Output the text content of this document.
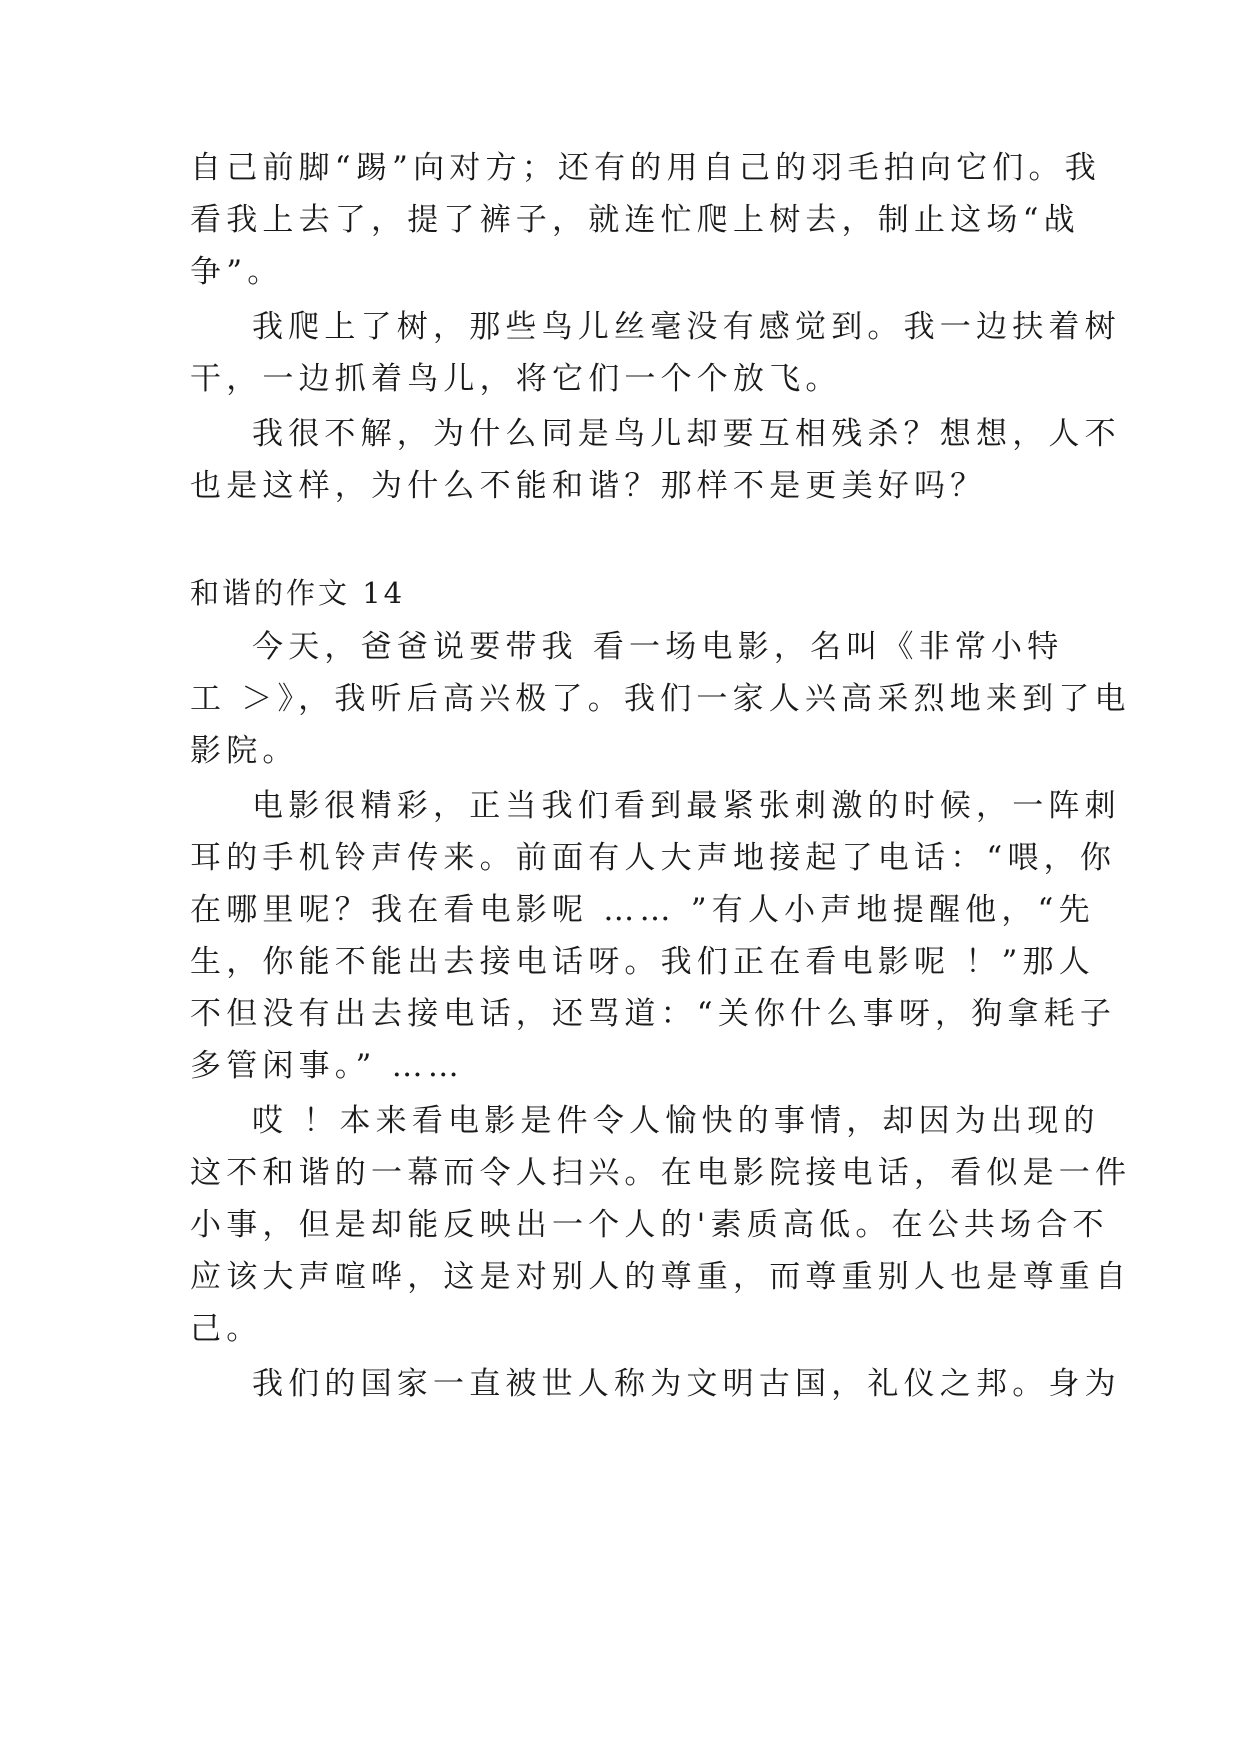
自己前脚“踢”向对方；还有的用自己的羽毛拍向它们。我
看我上去了，提了裤子，就连忙爬上树去，制止这场“战
争”。
我爬上了树，那些鸟儿丝毫没有感觉到。我一边扶着树
干，一边抓着鸟儿，将它们一个个放飞。
我很不解，为什么同是鸟儿却要互相残杀？想想，人不
也是这样，为什么不能和谐？那样不是更美好吗？
和谐的作文 14
今天，爸爸说要带我 看一场电影，名叫《非常小特
工 ＞》，我听后高兴极了。我们一家人兴高采烈地来到了电
影院。
电影很精彩，正当我们看到最紧张刺激的时候，一阵刺
耳的手机铃声传来。前面有人大声地接起了电话：“喂，你
在哪里呢？我在看电影呢 …… ”有人小声地提醒他，“先
生，你能不能出去接电话呀。我们正在看电影呢 ！”那人
不但没有出去接电话，还骂道：“关你什么事呀，狗拿耗子
多管闲事。” ……
哎 ！本来看电影是件令人愉快的事情，却因为出现的
这不和谐的一幕而令人扫兴。在电影院接电话，看似是一件
小事，但是却能反映出一个人的'素质高低。在公共场合不
应该大声喧哗，这是对别人的尊重，而尊重别人也是尊重自
己。
我们的国家一直被世人称为文明古国，礼仪之邦。身为
